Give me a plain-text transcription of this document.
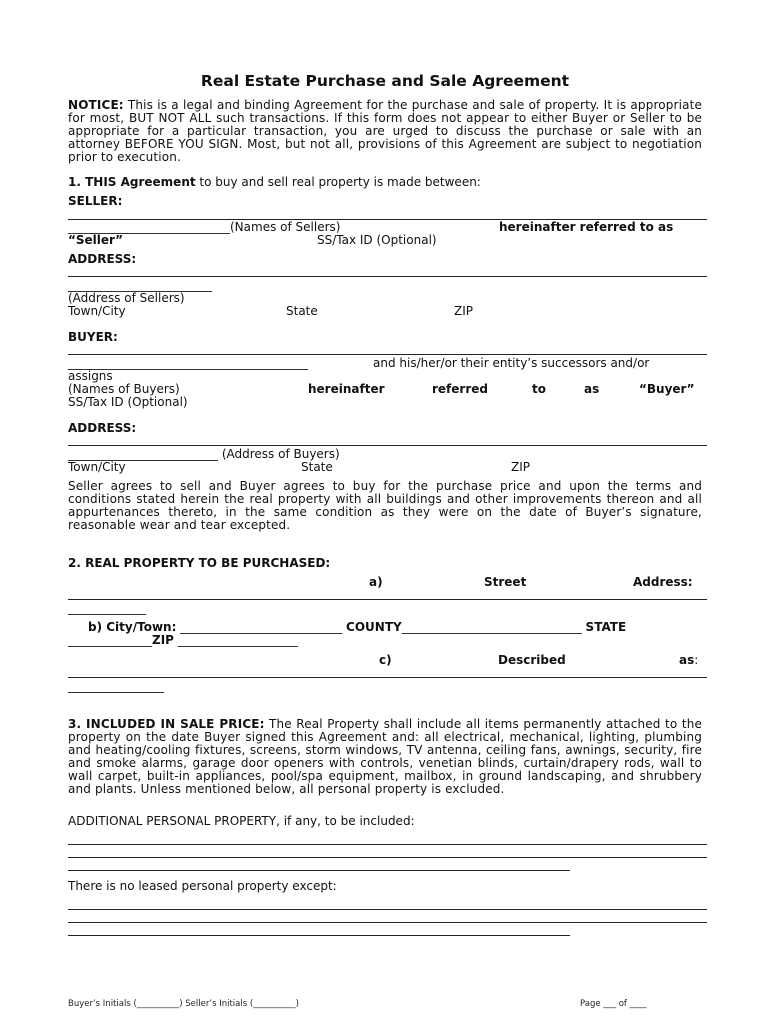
Real Estate Purchase and Sale Agreement
NOTICE: This is a legal and binding Agreement for the purchase and sale of property. It is appropriate for most, BUT NOT ALL such transactions. If this form does not appear to either Buyer or Seller to be appropriate for a particular transaction, you are urged to discuss the purchase or sale with an attorney BEFORE YOU SIGN. Most, but not all, provisions of this Agreement are subject to negotiation prior to execution.
1. THIS Agreement to buy and sell real property is made between:
SELLER:
___________________________(Names of Sellers)	hereinafter referred to as
“Seller”	SS/Tax ID (Optional)
ADDRESS:
________________________
(Address of Sellers)
Town/City	State	ZIP
BUYER:
________________________________________	and his/her/or their entity’s successors and/or
assigns
(Names of Buyers)	hereinafter	referred	to	as	“Buyer”
SS/Tax ID (Optional)
ADDRESS:
_________________________ (Address of Buyers)
Town/City	State	ZIP
Seller agrees to sell and Buyer agrees to buy for the purchase price and upon the terms and conditions stated herein the real property with all buildings and other improvements thereon and all appurtenances thereto, in the same condition as they were on the date of Buyer’s signature, reasonable wear and tear excepted.
2. REAL PROPERTY TO BE PURCHASED:
a)	Street	Address:
_____________
b) City/Town: ___________________________ COUNTY______________________________ STATE
______________ZIP ____________________
c)	Described	as:
________________
3. INCLUDED IN SALE PRICE: The Real Property shall include all items permanently attached to the property on the date Buyer signed this Agreement and: all electrical, mechanical, lighting, plumbing and heating/cooling fixtures, screens, storm windows, TV antenna, ceiling fans, awnings, security, fire and smoke alarms, garage door openers with controls, venetian blinds, curtain/drapery rods, wall to wall carpet, built-in appliances, pool/spa equipment, mailbox, in ground landscaping, and shrubbery and plants. Unless mentioned below, all personal property is excluded.
ADDITIONAL PERSONAL PROPERTY, if any, to be included:
There is no leased personal property except:
Buyer’s Initials (__________) Seller’s Initials (__________)	Page ___ of ____
